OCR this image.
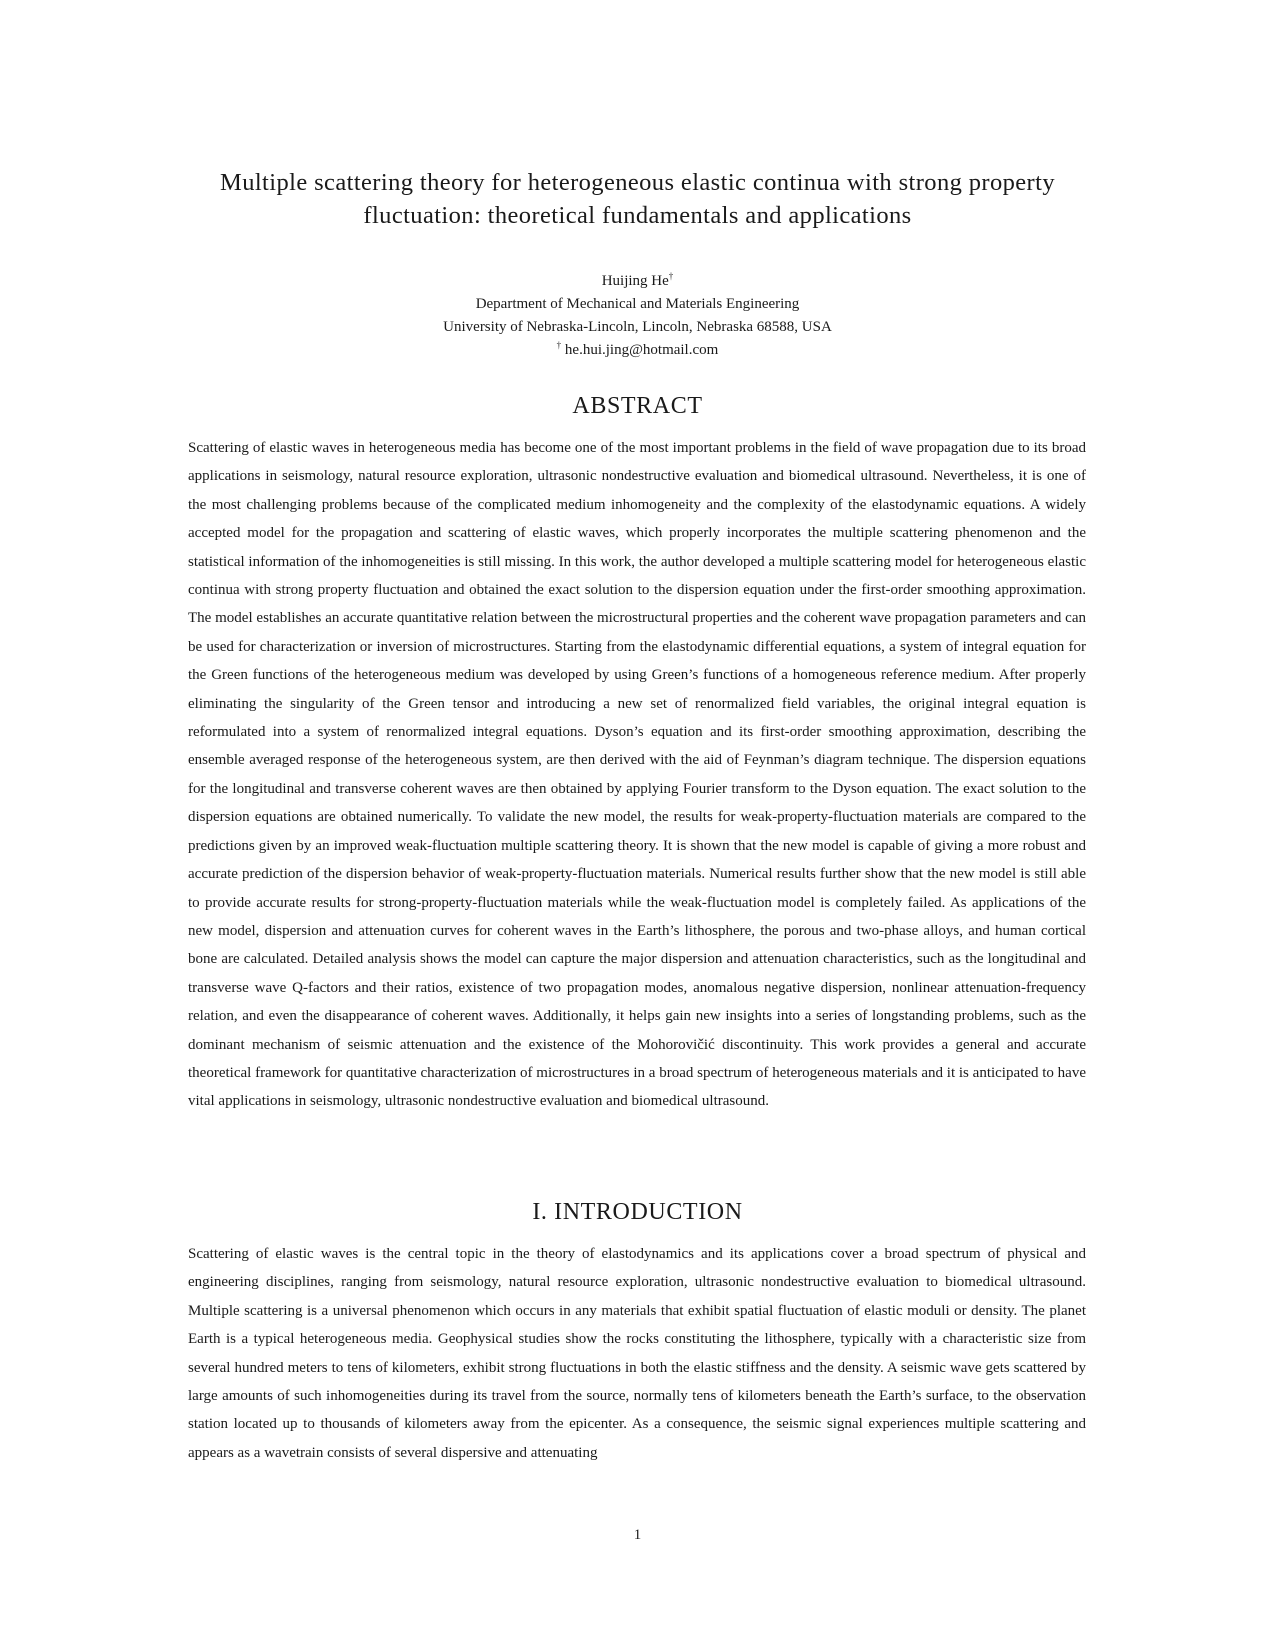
Multiple scattering theory for heterogeneous elastic continua with strong property
fluctuation: theoretical fundamentals and applications
Huijing He†
Department of Mechanical and Materials Engineering
University of Nebraska-Lincoln, Lincoln, Nebraska 68588, USA
† he.hui.jing@hotmail.com
ABSTRACT

Scattering of elastic waves in heterogeneous media has become one of the most important problems in the field of wave propagation due to its broad applications in seismology, natural resource exploration, ultrasonic nondestructive evaluation and biomedical ultrasound. Nevertheless, it is one of the most challenging problems because of the complicated medium inhomogeneity and the complexity of the elastodynamic equations. A widely accepted model for the propagation and scattering of elastic waves, which properly incorporates the multiple scattering phenomenon and the statistical information of the inhomogeneities is still missing. In this work, the author developed a multiple scattering model for heterogeneous elastic continua with strong property fluctuation and obtained the exact solution to the dispersion equation under the first-order smoothing approximation. The model establishes an accurate quantitative relation between the microstructural properties and the coherent wave propagation parameters and can be used for characterization or inversion of microstructures. Starting from the elastodynamic differential equations, a system of integral equation for the Green functions of the heterogeneous medium was developed by using Green’s functions of a homogeneous reference medium. After properly eliminating the singularity of the Green tensor and introducing a new set of renormalized field variables, the original integral equation is reformulated into a system of renormalized integral equations. Dyson’s equation and its first-order smoothing approximation, describing the ensemble averaged response of the heterogeneous system, are then derived with the aid of Feynman’s diagram technique. The dispersion equations for the longitudinal and transverse coherent waves are then obtained by applying Fourier transform to the Dyson equation. The exact solution to the dispersion equations are obtained numerically. To validate the new model, the results for weak-property-fluctuation materials are compared to the predictions given by an improved weak-fluctuation multiple scattering theory. It is shown that the new model is capable of giving a more robust and accurate prediction of the dispersion behavior of weak-property-fluctuation materials. Numerical results further show that the new model is still able to provide accurate results for strong-property-fluctuation materials while the weak-fluctuation model is completely failed. As applications of the new model, dispersion and attenuation curves for coherent waves in the Earth’s lithosphere, the porous and two-phase alloys, and human cortical bone are calculated. Detailed analysis shows the model can capture the major dispersion and attenuation characteristics, such as the longitudinal and transverse wave Q-factors and their ratios, existence of two propagation modes, anomalous negative dispersion, nonlinear attenuation-frequency relation, and even the disappearance of coherent waves. Additionally, it helps gain new insights into a series of longstanding problems, such as the dominant mechanism of seismic attenuation and the existence of the Mohorovičić discontinuity. This work provides a general and accurate theoretical framework for quantitative characterization of microstructures in a broad spectrum of heterogeneous materials and it is anticipated to have vital applications in seismology, ultrasonic nondestructive evaluation and biomedical ultrasound.

I. INTRODUCTION

Scattering of elastic waves is the central topic in the theory of elastodynamics and its applications cover a broad spectrum of physical and engineering disciplines, ranging from seismology, natural resource exploration, ultrasonic nondestructive evaluation to biomedical ultrasound. Multiple scattering is a universal phenomenon which occurs in any materials that exhibit spatial fluctuation of elastic moduli or density. The planet Earth is a typical heterogeneous media. Geophysical studies show the rocks constituting the lithosphere, typically with a characteristic size from several hundred meters to tens of kilometers, exhibit strong fluctuations in both the elastic stiffness and the density. A seismic wave gets scattered by large amounts of such inhomogeneities during its travel from the source, normally tens of kilometers beneath the Earth’s surface, to the observation station located up to thousands of kilometers away from the epicenter. As a consequence, the seismic signal experiences multiple scattering and appears as a wavetrain consists of several dispersive and attenuating

1
